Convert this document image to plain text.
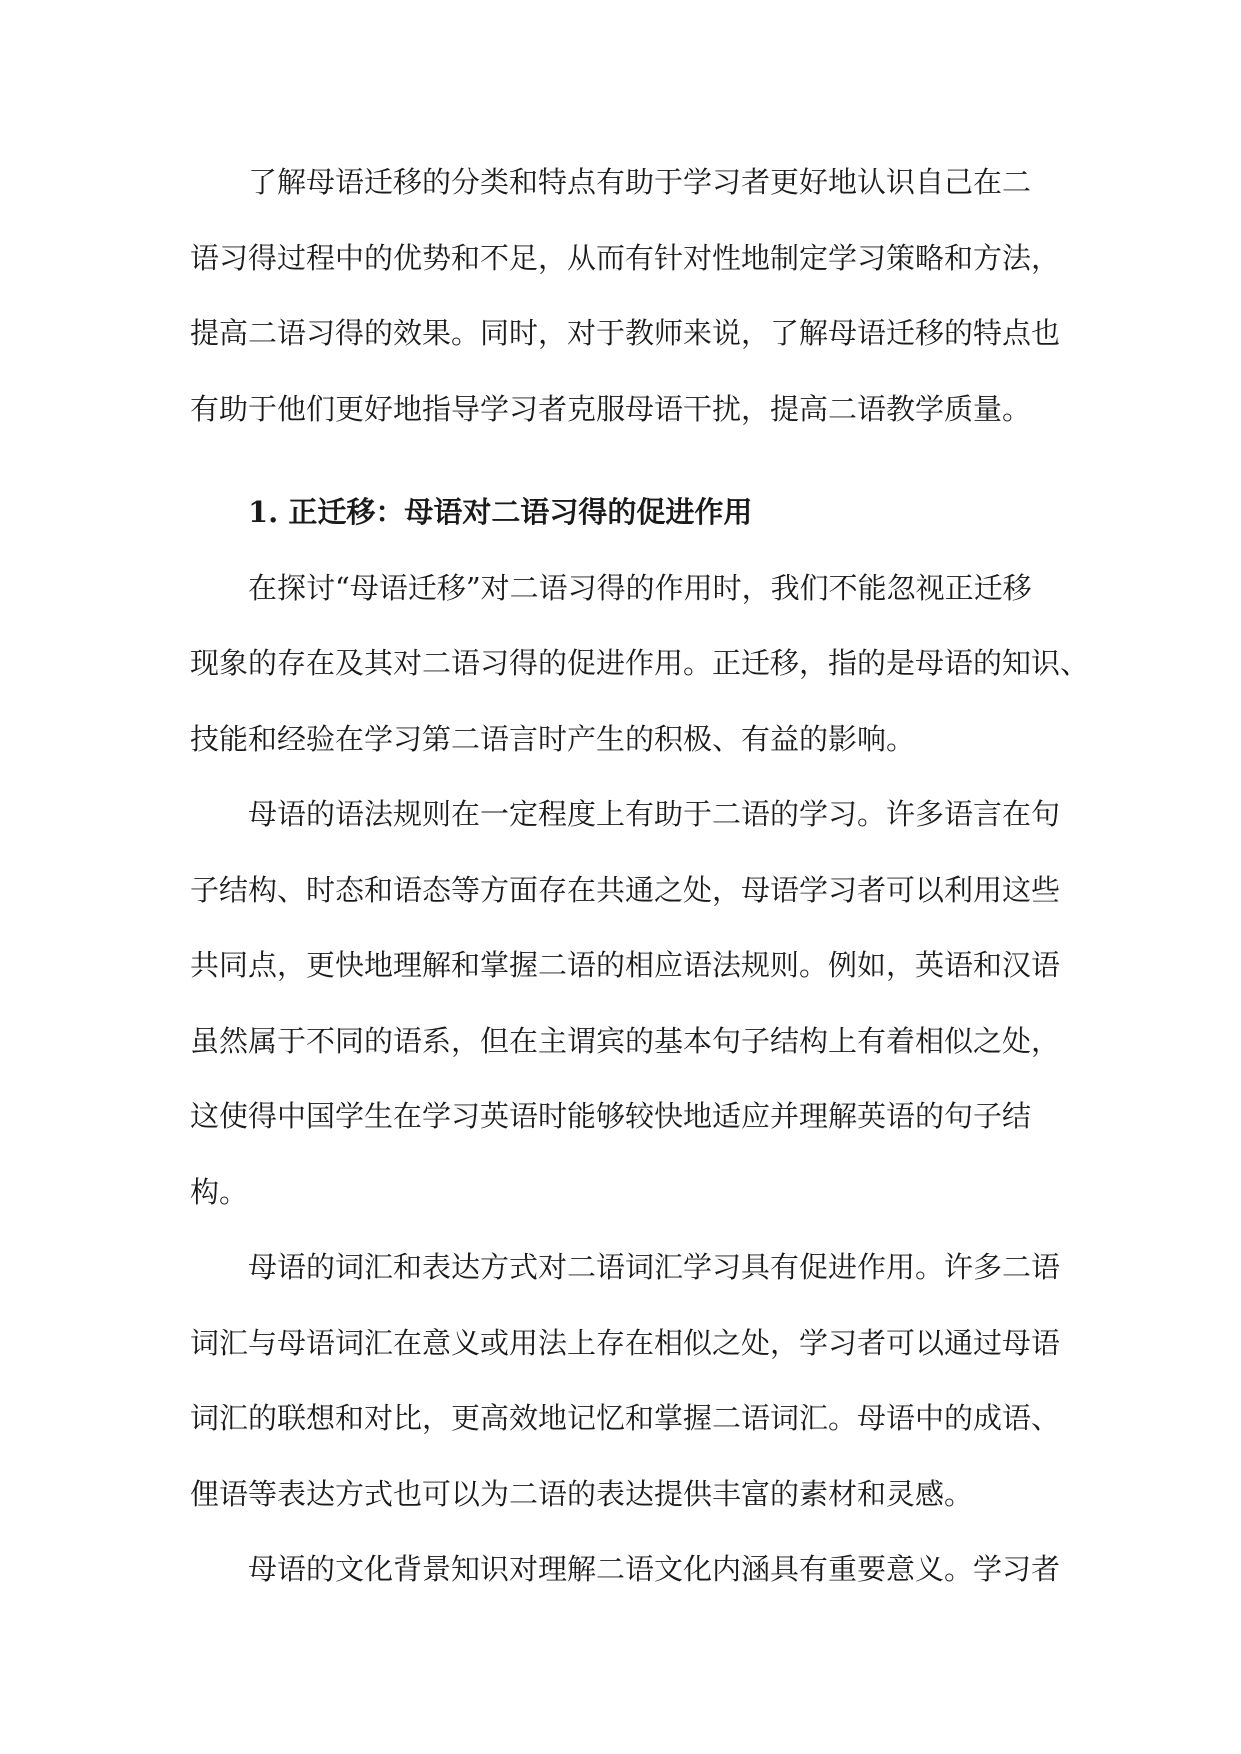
了解母语迁移的分类和特点有助于学习者更好地认识自己在二
语习得过程中的优势和不足，从而有针对性地制定学习策略和方法，
提高二语习得的效果。同时，对于教师来说，了解母语迁移的特点也
有助于他们更好地指导学习者克服母语干扰，提高二语教学质量。
1. 正迁移：母语对二语习得的促进作用
在探讨“母语迁移”对二语习得的作用时，我们不能忽视正迁移
现象的存在及其对二语习得的促进作用。正迁移，指的是母语的知识、
技能和经验在学习第二语言时产生的积极、有益的影响。
母语的语法规则在一定程度上有助于二语的学习。许多语言在句
子结构、时态和语态等方面存在共通之处，母语学习者可以利用这些
共同点，更快地理解和掌握二语的相应语法规则。例如，英语和汉语
虽然属于不同的语系，但在主谓宾的基本句子结构上有着相似之处，
这使得中国学生在学习英语时能够较快地适应并理解英语的句子结
构。
母语的词汇和表达方式对二语词汇学习具有促进作用。许多二语
词汇与母语词汇在意义或用法上存在相似之处，学习者可以通过母语
词汇的联想和对比，更高效地记忆和掌握二语词汇。母语中的成语、
俚语等表达方式也可以为二语的表达提供丰富的素材和灵感。
母语的文化背景知识对理解二语文化内涵具有重要意义。学习者
